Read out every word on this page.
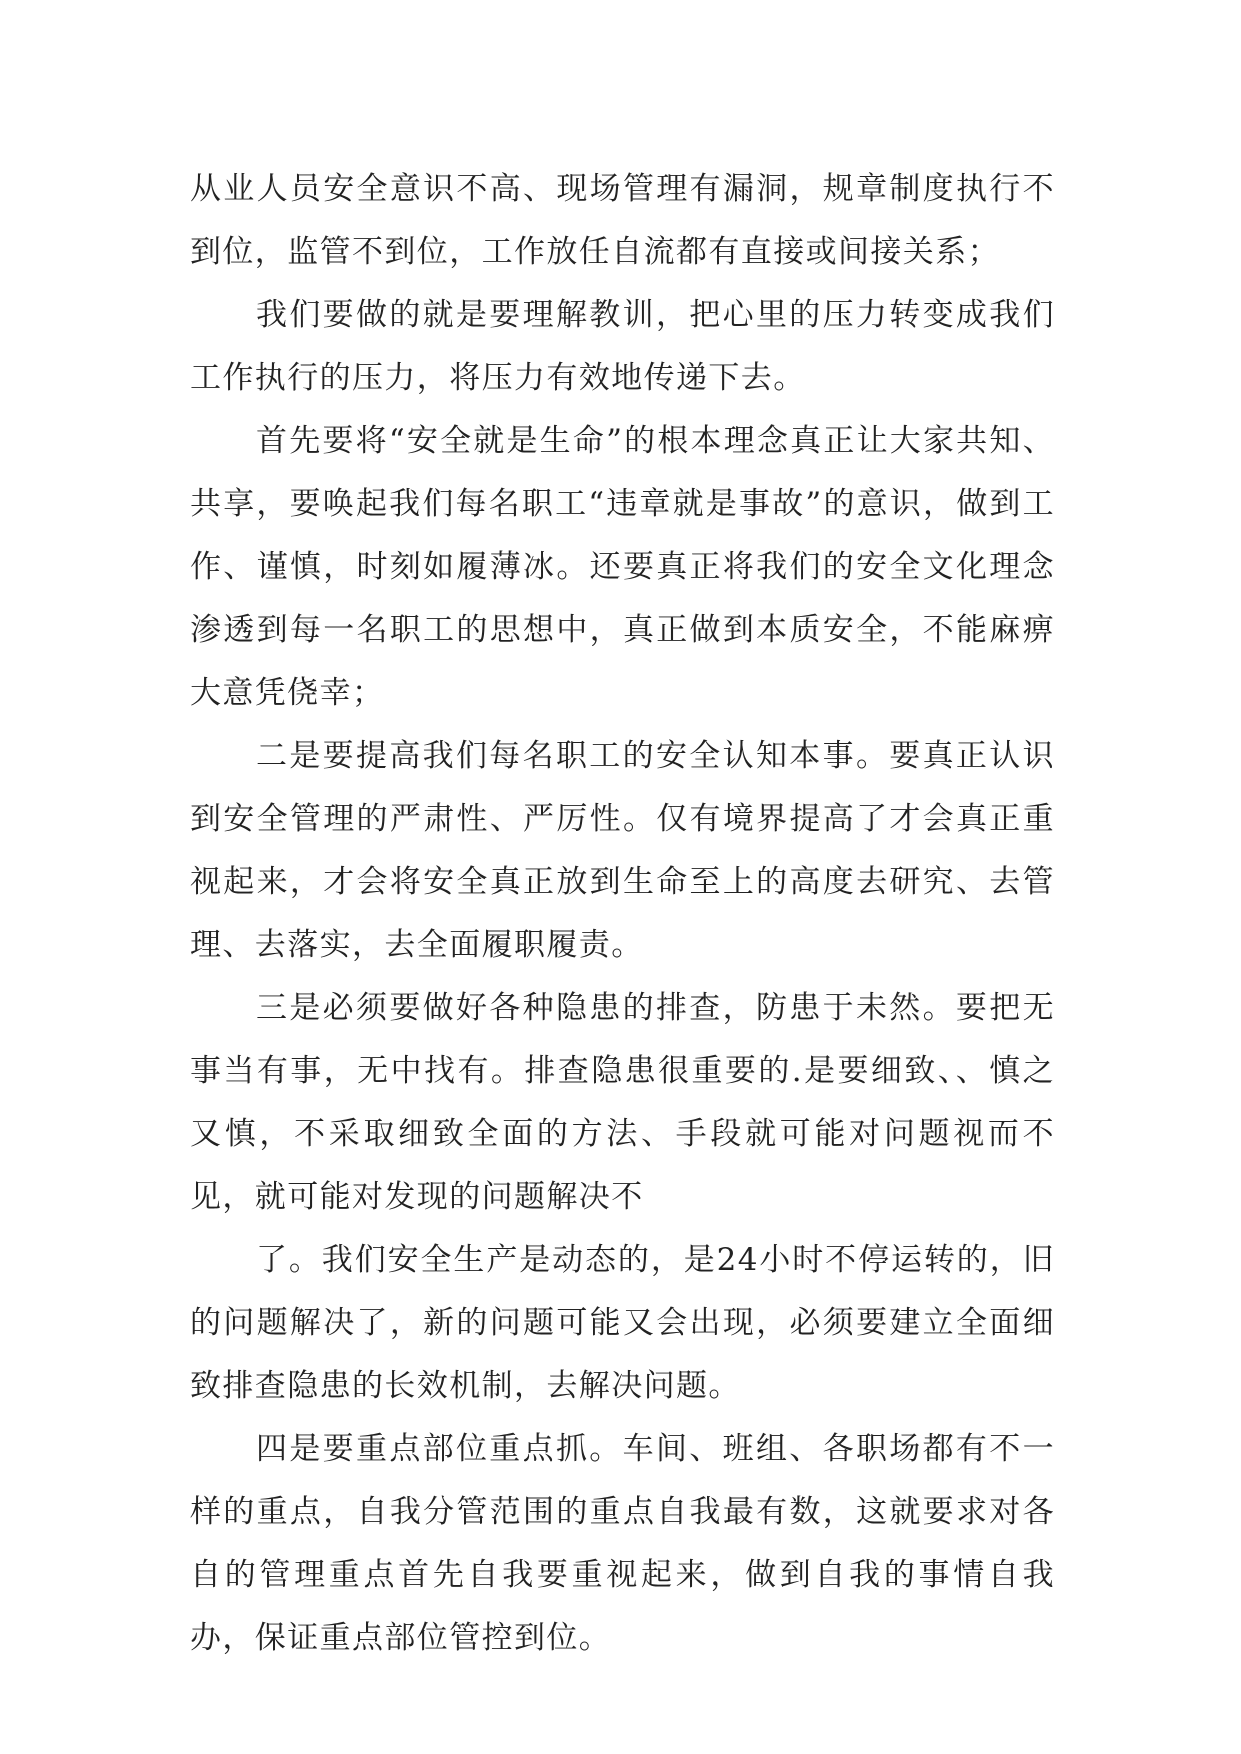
从业人员安全意识不高、现场管理有漏洞，规章制度执行不到位，监管不到位，工作放任自流都有直接或间接关系；

我们要做的就是要理解教训，把心里的压力转变成我们工作执行的压力，将压力有效地传递下去。

首先要将“安全就是生命”的根本理念真正让大家共知、共享，要唤起我们每名职工“违章就是事故”的意识，做到工作、谨慎，时刻如履薄冰。还要真正将我们的安全文化理念渗透到每一名职工的思想中，真正做到本质安全，不能麻痹大意凭侥幸；

二是要提高我们每名职工的安全认知本事。要真正认识到安全管理的严肃性、严厉性。仅有境界提高了才会真正重视起来，才会将安全真正放到生命至上的高度去研究、去管理、去落实，去全面履职履责。

三是必须要做好各种隐患的排查，防患于未然。要把无事当有事，无中找有。排查隐患很重要的.是要细致、、慎之又慎，不采取细致全面的方法、手段就可能对问题视而不见，就可能对发现的问题解决不

了。我们安全生产是动态的，是24小时不停运转的，旧的问题解决了，新的问题可能又会出现，必须要建立全面细致排查隐患的长效机制，去解决问题。

四是要重点部位重点抓。车间、班组、各职场都有不一样的重点，自我分管范围的重点自我最有数，这就要求对各自的管理重点首先自我要重视起来，做到自我的事情自我办，保证重点部位管控到位。
